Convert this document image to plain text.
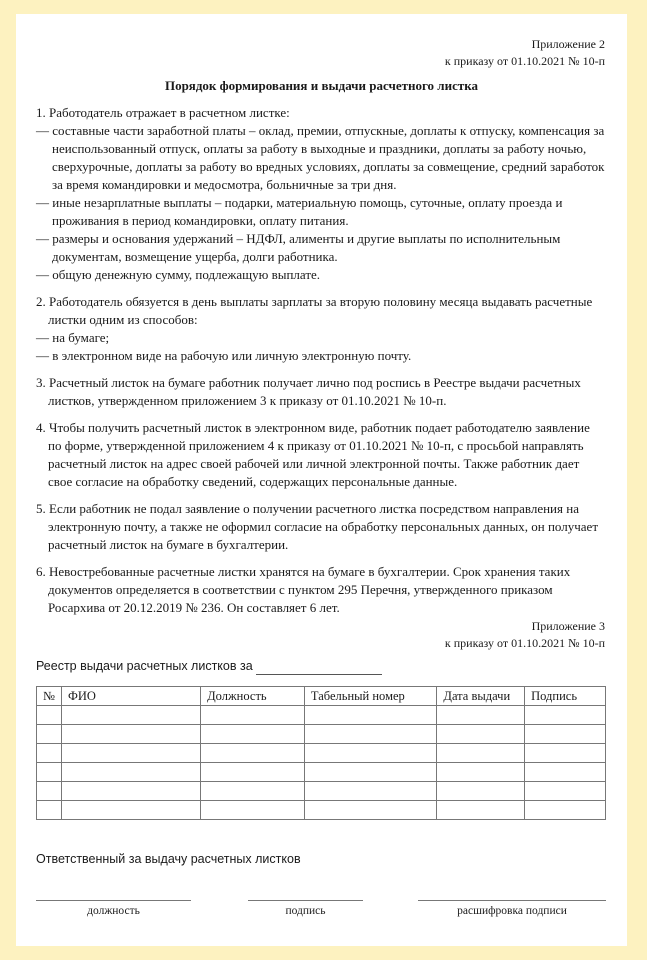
Приложение 2
к приказу от 01.10.2021 № 10-п
Порядок формирования и выдачи расчетного листка

1. Работодатель отражает в расчетном листке:

— составные части заработной платы – оклад, премии, отпускные, доплаты к отпуску, компенсация за неиспользованный отпуск, оплаты за работу в выходные и праздники, доплаты за работу ночью, сверхурочные, доплаты за работу во вредных условиях, доплаты за совмещение, средний заработок за время командировки и медосмотра, больничные за три дня.

— иные незарплатные выплаты – подарки, материальную помощь, суточные, оплату проезда и проживания в период командировки, оплату питания.

— размеры и основания удержаний – НДФЛ, алименты и другие выплаты по исполнительным документам, возмещение ущерба, долги работника.

— общую денежную сумму, подлежащую выплате.

2. Работодатель обязуется в день выплаты зарплаты за вторую половину месяца выдавать расчетные листки одним из способов:

— на бумаге;

— в электронном виде на рабочую или личную электронную почту.

3. Расчетный листок на бумаге работник получает лично под роспись в Реестре выдачи расчетных листков, утвержденном приложением 3 к приказу от 01.10.2021 № 10-п.

4. Чтобы получить расчетный листок в электронном виде, работник подает работодателю заявление по форме, утвержденной приложением 4 к приказу от 01.10.2021 № 10-п, с просьбой направлять расчетный листок на адрес своей рабочей или личной электронной почты. Также работник дает свое согласие на обработку сведений, содержащих персональные данные.

5. Если работник не подал заявление о получении расчетного листка посредством направления на электронную почту, а также не оформил согласие на обработку персональных данных, он получает расчетный листок на бумаге в бухгалтерии.

6. Невостребованные расчетные листки хранятся на бумаге в бухгалтерии. Срок хранения таких документов определяется в соответствии с пунктом 295 Перечня, утвержденного приказом Росархива от 20.12.2019 № 236. Он составляет 6 лет.

Приложение 3
к приказу от 01.10.2021 № 10-п
Реестр выдачи расчетных листков за
№	ФИО	Должность	Табельный номер	Дата выдачи	Подпись

Ответственный за выдачу расчетных листков
должность	подпись	расшифровка подписи
